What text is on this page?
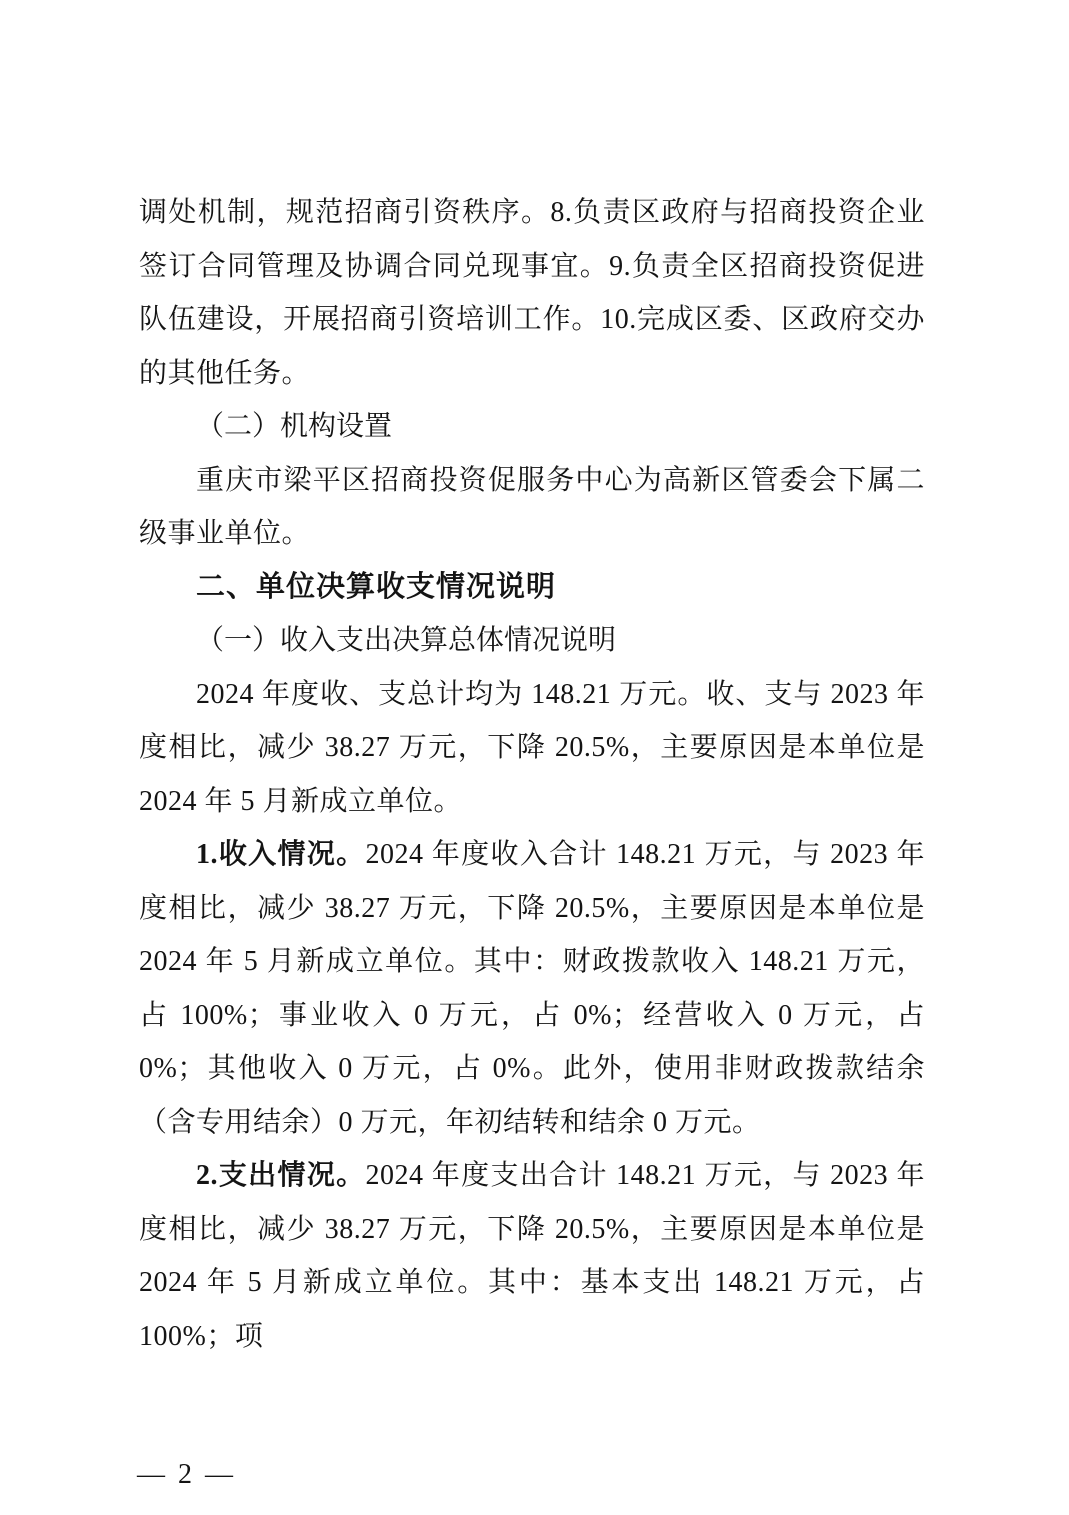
调处机制，规范招商引资秩序。8.负责区政府与招商投资企业签订合同管理及协调合同兑现事宜。9.负责全区招商投资促进队伍建设，开展招商引资培训工作。10.完成区委、区政府交办的其他任务。
（二）机构设置
重庆市梁平区招商投资促服务中心为高新区管委会下属二级事业单位。
二、单位决算收支情况说明
（一）收入支出决算总体情况说明
2024 年度收、支总计均为 148.21 万元。收、支与 2023 年度相比，减少 38.27 万元，下降 20.5%，主要原因是本单位是 2024 年 5 月新成立单位。
1.收入情况。2024 年度收入合计 148.21 万元，与 2023 年度相比，减少 38.27 万元，下降 20.5%，主要原因是本单位是 2024 年 5 月新成立单位。其中：财政拨款收入 148.21 万元，占 100%；事业收入 0 万元，占 0%；经营收入 0 万元，占 0%；其他收入 0 万元，占 0%。此外，使用非财政拨款结余（含专用结余）0 万元，年初结转和结余 0 万元。
2.支出情况。2024 年度支出合计 148.21 万元，与 2023 年度相比，减少 38.27 万元，下降 20.5%，主要原因是本单位是 2024 年 5 月新成立单位。其中：基本支出 148.21 万元，占 100%；项
— 2 —
